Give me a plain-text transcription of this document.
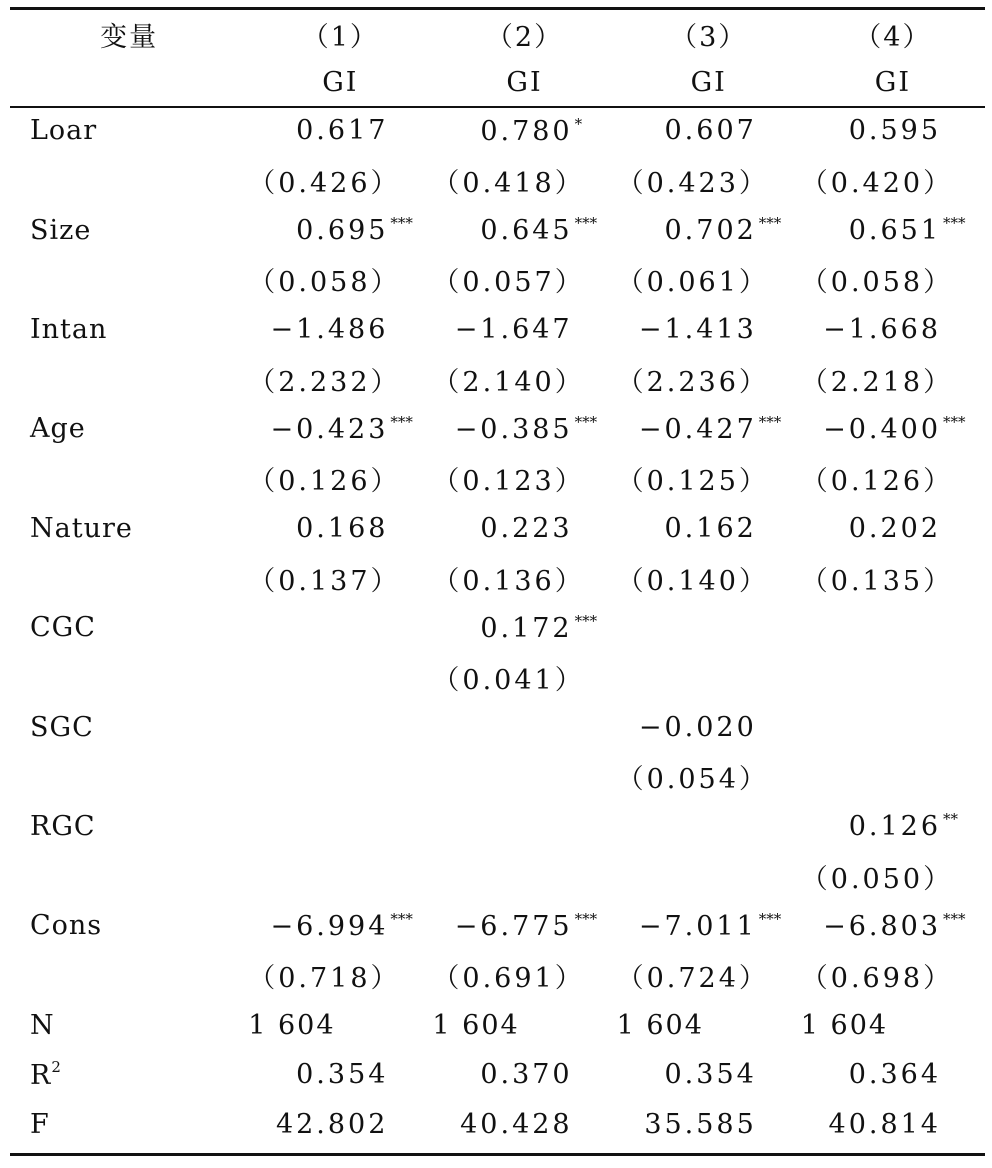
变量	（1）	（2）	（3）	（4）
	GI	GI	GI	GI
Loar	0.617	0.780 *	0.607	0.595
	（0.426）	（0.418）	（0.423）	（0.420）
Size	0.695 ***	0.645 ***	0.702 ***	0.651 ***
	（0.058）	（0.057）	（0.061）	（0.058）
Intan	−1.486	−1.647	−1.413	−1.668
	（2.232）	（2.140）	（2.236）	（2.218）
Age	−0.423 ***	−0.385 ***	−0.427 ***	−0.400 ***
	（0.126）	（0.123）	（0.125）	（0.126）
Nature	0.168	0.223	0.162	0.202
	（0.137）	（0.136）	（0.140）	（0.135）
CGC		0.172 ***		
		（0.041）		
SGC			−0.020	
			（0.054）	
RGC				0.126 **
				（0.050）
Cons	−6.994 ***	−6.775 ***	−7.011 ***	−6.803 ***
	（0.718）	（0.691）	（0.724）	（0.698）
N	1 604	1 604	1 604	1 604
$R^2$	0.354	0.370	0.354	0.364
F	42.802	40.428	35.585	40.814
